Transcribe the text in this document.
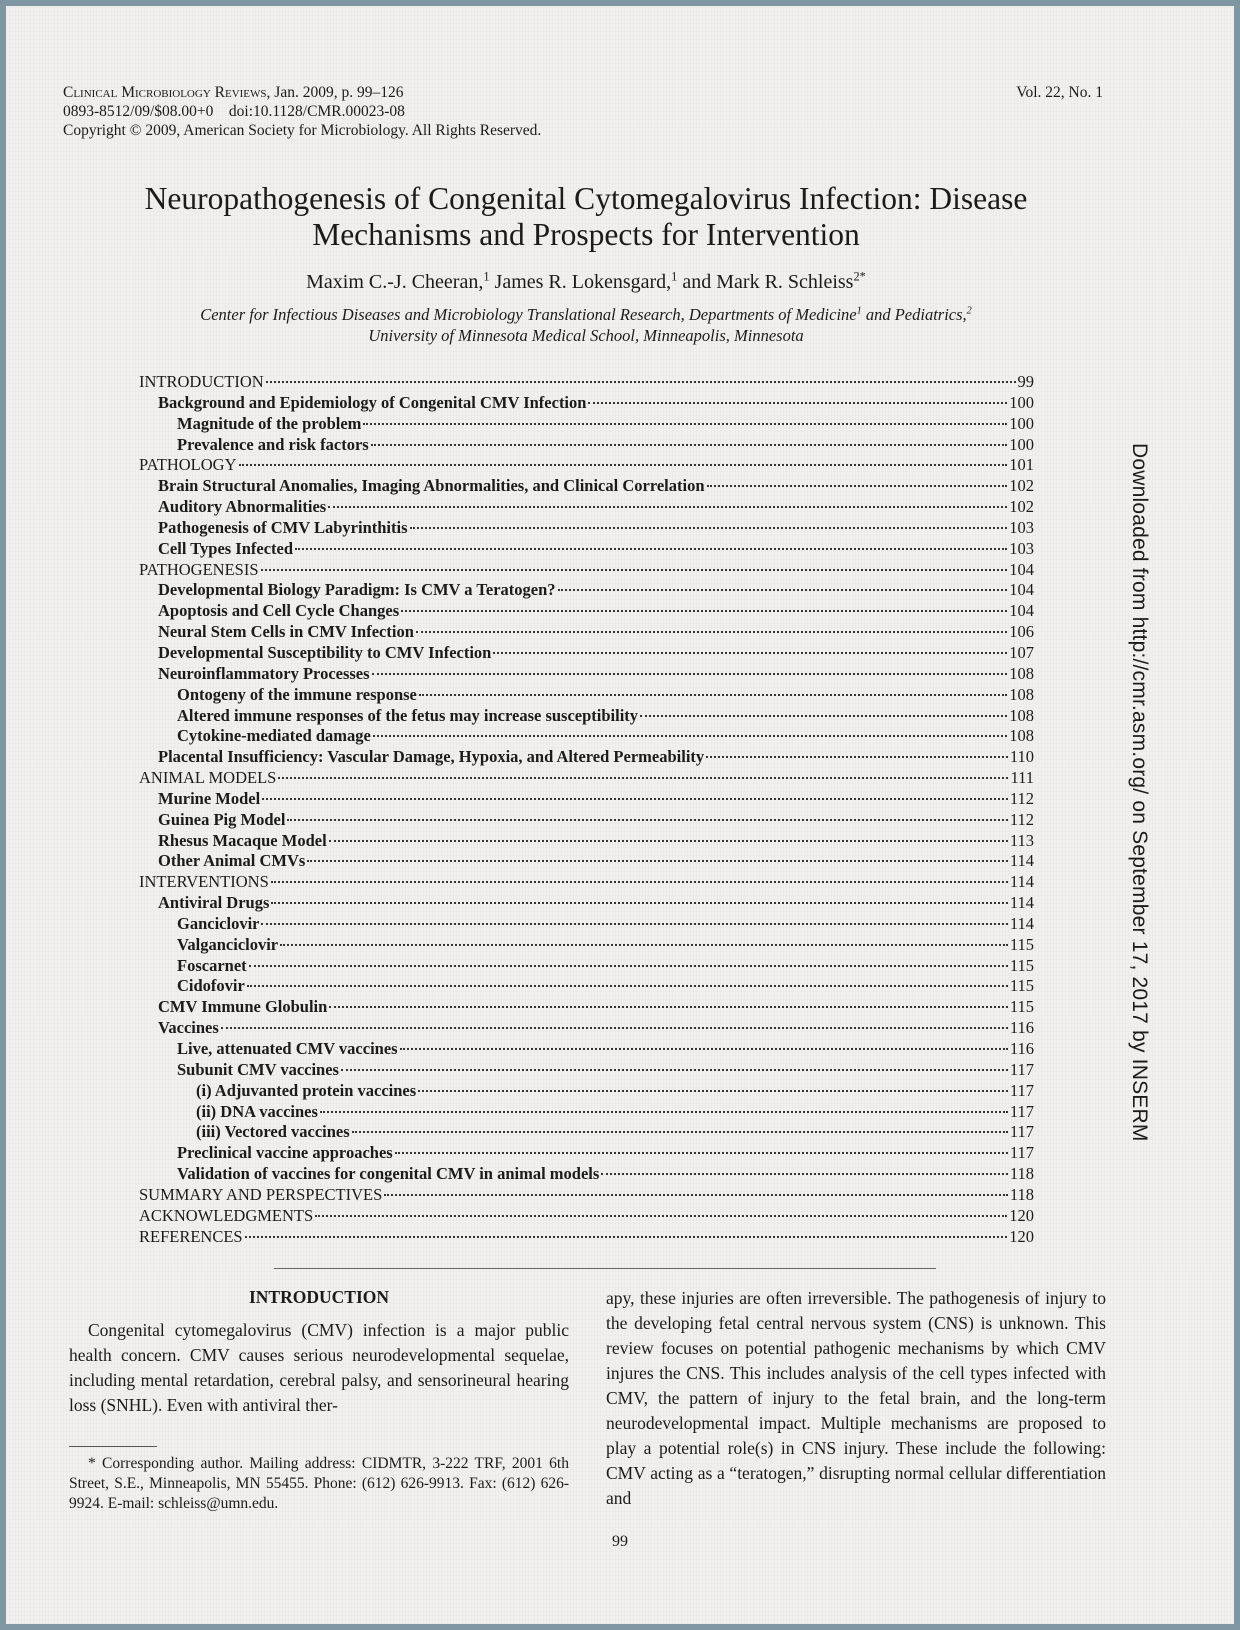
Clinical Microbiology Reviews, Jan. 2009, p. 99–126	Vol. 22, No. 1
0893-8512/09/$08.00+0    doi:10.1128/CMR.00023-08
Copyright © 2009, American Society for Microbiology. All Rights Reserved.
Neuropathogenesis of Congenital Cytomegalovirus Infection: Disease
Mechanisms and Prospects for Intervention
Maxim C.-J. Cheeran,$^1$ James R. Lokensgard,$^1$ and Mark R. Schleiss$^{2*}$
Center for Infectious Diseases and Microbiology Translational Research, Departments of Medicine$^1$ and Pediatrics,$^2$
University of Minnesota Medical School, Minneapolis, Minnesota
INTRODUCTION	99
Background and Epidemiology of Congenital CMV Infection	100
Magnitude of the problem	100
Prevalence and risk factors	100
PATHOLOGY	101
Brain Structural Anomalies, Imaging Abnormalities, and Clinical Correlation	102
Auditory Abnormalities	102
Pathogenesis of CMV Labyrinthitis	103
Cell Types Infected	103
PATHOGENESIS	104
Developmental Biology Paradigm: Is CMV a Teratogen?	104
Apoptosis and Cell Cycle Changes	104
Neural Stem Cells in CMV Infection	106
Developmental Susceptibility to CMV Infection	107
Neuroinflammatory Processes	108
Ontogeny of the immune response	108
Altered immune responses of the fetus may increase susceptibility	108
Cytokine-mediated damage	108
Placental Insufficiency: Vascular Damage, Hypoxia, and Altered Permeability	110
ANIMAL MODELS	111
Murine Model	112
Guinea Pig Model	112
Rhesus Macaque Model	113
Other Animal CMVs	114
INTERVENTIONS	114
Antiviral Drugs	114
Ganciclovir	114
Valganciclovir	115
Foscarnet	115
Cidofovir	115
CMV Immune Globulin	115
Vaccines	116
Live, attenuated CMV vaccines	116
Subunit CMV vaccines	117
(i) Adjuvanted protein vaccines	117
(ii) DNA vaccines	117
(iii) Vectored vaccines	117
Preclinical vaccine approaches	117
Validation of vaccines for congenital CMV in animal models	118
SUMMARY AND PERSPECTIVES	118
ACKNOWLEDGMENTS	120
REFERENCES	120
INTRODUCTION

Congenital cytomegalovirus (CMV) infection is a major public health concern. CMV causes serious neurodevelopmental sequelae, including mental retardation, cerebral palsy, and sensorineural hearing loss (SNHL). Even with antiviral ther-

apy, these injuries are often irreversible. The pathogenesis of injury to the developing fetal central nervous system (CNS) is unknown. This review focuses on potential pathogenic mechanisms by which CMV injures the CNS. This includes analysis of the cell types infected with CMV, the pattern of injury to the fetal brain, and the long-term neurodevelopmental impact. Multiple mechanisms are proposed to play a potential role(s) in CNS injury. These include the following: CMV acting as a “teratogen,” disrupting normal cellular differentiation and

* Corresponding author. Mailing address: CIDMTR, 3-222 TRF, 2001 6th Street, S.E., Minneapolis, MN 55455. Phone: (612) 626-9913. Fax: (612) 626-9924. E-mail: schleiss@umn.edu.
99
Downloaded from http://cmr.asm.org/ on September 17, 2017 by INSERM
